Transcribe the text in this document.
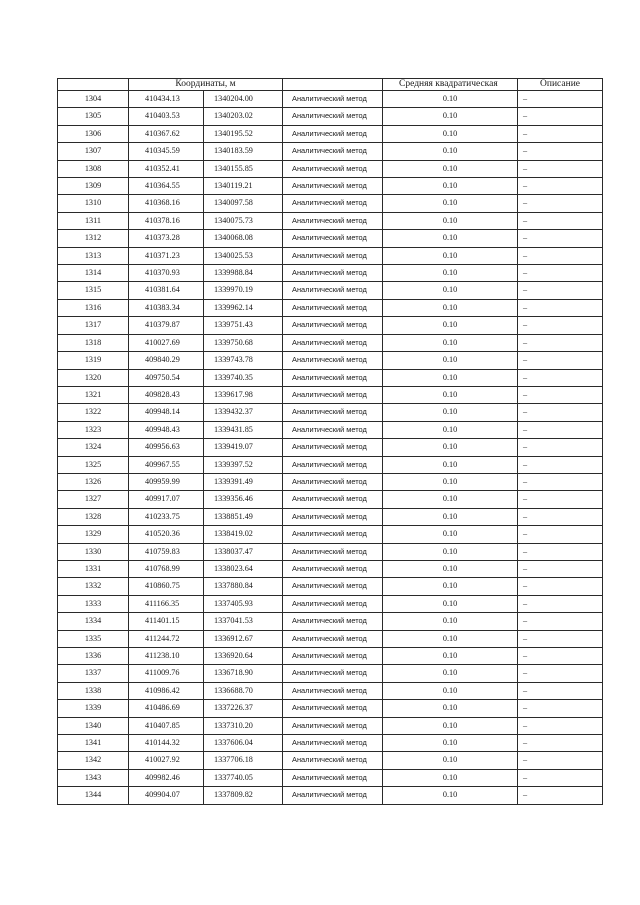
	Координаты, м			Средняя квадратическая	Описание
1304	410434.13	1340204.00	Аналитический метод	0.10	–
1305	410403.53	1340203.02	Аналитический метод	0.10	–
1306	410367.62	1340195.52	Аналитический метод	0.10	–
1307	410345.59	1340183.59	Аналитический метод	0.10	–
1308	410352.41	1340155.85	Аналитический метод	0.10	–
1309	410364.55	1340119.21	Аналитический метод	0.10	–
1310	410368.16	1340097.58	Аналитический метод	0.10	–
1311	410378.16	1340075.73	Аналитический метод	0.10	–
1312	410373.28	1340068.08	Аналитический метод	0.10	–
1313	410371.23	1340025.53	Аналитический метод	0.10	–
1314	410370.93	1339988.84	Аналитический метод	0.10	–
1315	410381.64	1339970.19	Аналитический метод	0.10	–
1316	410383.34	1339962.14	Аналитический метод	0.10	–
1317	410379.87	1339751.43	Аналитический метод	0.10	–
1318	410027.69	1339750.68	Аналитический метод	0.10	–
1319	409840.29	1339743.78	Аналитический метод	0.10	–
1320	409750.54	1339740.35	Аналитический метод	0.10	–
1321	409828.43	1339617.98	Аналитический метод	0.10	–
1322	409948.14	1339432.37	Аналитический метод	0.10	–
1323	409948.43	1339431.85	Аналитический метод	0.10	–
1324	409956.63	1339419.07	Аналитический метод	0.10	–
1325	409967.55	1339397.52	Аналитический метод	0.10	–
1326	409959.99	1339391.49	Аналитический метод	0.10	–
1327	409917.07	1339356.46	Аналитический метод	0.10	–
1328	410233.75	1338851.49	Аналитический метод	0.10	–
1329	410520.36	1338419.02	Аналитический метод	0.10	–
1330	410759.83	1338037.47	Аналитический метод	0.10	–
1331	410768.99	1338023.64	Аналитический метод	0.10	–
1332	410860.75	1337880.84	Аналитический метод	0.10	–
1333	411166.35	1337405.93	Аналитический метод	0.10	–
1334	411401.15	1337041.53	Аналитический метод	0.10	–
1335	411244.72	1336912.67	Аналитический метод	0.10	–
1336	411238.10	1336920.64	Аналитический метод	0.10	–
1337	411009.76	1336718.90	Аналитический метод	0.10	–
1338	410986.42	1336688.70	Аналитический метод	0.10	–
1339	410486.69	1337226.37	Аналитический метод	0.10	–
1340	410407.85	1337310.20	Аналитический метод	0.10	–
1341	410144.32	1337606.04	Аналитический метод	0.10	–
1342	410027.92	1337706.18	Аналитический метод	0.10	–
1343	409982.46	1337740.05	Аналитический метод	0.10	–
1344	409904.07	1337809.82	Аналитический метод	0.10	–
